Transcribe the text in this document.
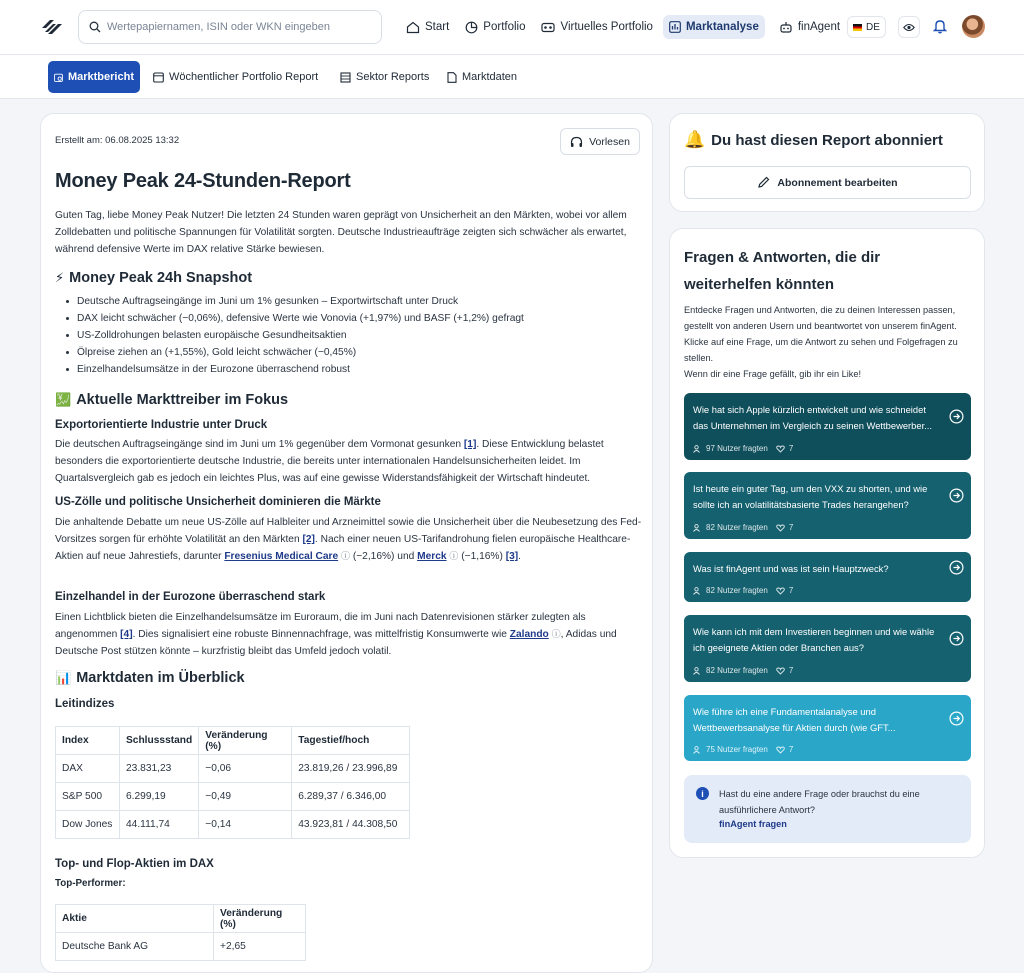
Wertepapiernamen, ISIN oder WKN eingeben
Start	Portfolio	Virtuelles Portfolio	Marktanalyse	finAgent	DE
Marktbericht	Wöchentlicher Portfolio Report	Sektor Reports	Marktdaten
Erstellt am: 06.08.2025 13:32	Vorlesen
Money Peak 24-Stunden-Report
Guten Tag, liebe Money Peak Nutzer! Die letzten 24 Stunden waren geprägt von Unsicherheit an den Märkten, wobei vor allem Zolldebatten und politische Spannungen für Volatilität sorgten. Deutsche Industrieaufträge zeigten sich schwächer als erwartet, während defensive Werte im DAX relative Stärke bewiesen.
⚡ Money Peak 24h Snapshot
Deutsche Auftragseingänge im Juni um 1% gesunken – Exportwirtschaft unter Druck
DAX leicht schwächer (−0,06%), defensive Werte wie Vonovia (+1,97%) und BASF (+1,2%) gefragt
US-Zolldrohungen belasten europäische Gesundheitsaktien
Ölpreise ziehen an (+1,55%), Gold leicht schwächer (−0,45%)
Einzelhandelsumsätze in der Eurozone überraschend robust
💹 Aktuelle Markttreiber im Fokus
Exportorientierte Industrie unter Druck
Die deutschen Auftragseingänge sind im Juni um 1% gegenüber dem Vormonat gesunken [1]. Diese Entwicklung belastet besonders die exportorientierte deutsche Industrie, die bereits unter internationalen Handelsunsicherheiten leidet. Im Quartalsvergleich gab es jedoch ein leichtes Plus, was auf eine gewisse Widerstandsfähigkeit der Wirtschaft hindeutet.
US-Zölle und politische Unsicherheit dominieren die Märkte
Die anhaltende Debatte um neue US-Zölle auf Halbleiter und Arzneimittel sowie die Unsicherheit über die Neubesetzung des Fed-Vorsitzes sorgen für erhöhte Volatilität an den Märkten [2]. Nach einer neuen US-Tarifandrohung fielen europäische Healthcare-Aktien auf neue Jahrestiefs, darunter Fresenius Medical Care ⓘ (−2,16%) und Merck ⓘ (−1,16%) [3].
Einzelhandel in der Eurozone überraschend stark
Einen Lichtblick bieten die Einzelhandelsumsätze im Euroraum, die im Juni nach Datenrevisionen stärker zulegten als angenommen [4]. Dies signalisiert eine robuste Binnennachfrage, was mittelfristig Konsumwerte wie Zalando ⓘ, Adidas und Deutsche Post stützen könnte – kurzfristig bleibt das Umfeld jedoch volatil.
📊 Marktdaten im Überblick
Leitindizes
Index	Schlussstand	Veränderung (%)	Tagestief/hoch
DAX	23.831,23	−0,06	23.819,26 / 23.996,89
S&P 500	6.299,19	−0,49	6.289,37 / 6.346,00
Dow Jones	44.111,74	−0,14	43.923,81 / 44.308,50
Top- und Flop-Aktien im DAX
Top-Performer:
Aktie	Veränderung (%)
Deutsche Bank AG	+2,65
🔔 Du hast diesen Report abonniert
Abonnement bearbeiten
Fragen & Antworten, die dir weiterhelfen könnten
Entdecke Fragen und Antworten, die zu deinen Interessen passen, gestellt von anderen Usern und beantwortet von unserem finAgent. Klicke auf eine Frage, um die Antwort zu sehen und Folgefragen zu stellen.
Wenn dir eine Frage gefällt, gib ihr ein Like!
Wie hat sich Apple kürzlich entwickelt und wie schneidet das Unternehmen im Vergleich zu seinen Wettbewerber...
97 Nutzer fragten	7
Ist heute ein guter Tag, um den VXX zu shorten, und wie sollte ich an volatilitätsbasierte Trades herangehen?
82 Nutzer fragten	7
Was ist finAgent und was ist sein Hauptzweck?
82 Nutzer fragten	7
Wie kann ich mit dem Investieren beginnen und wie wähle ich geeignete Aktien oder Branchen aus?
82 Nutzer fragten	7
Wie führe ich eine Fundamentalanalyse und Wettbewerbsanalyse für Aktien durch (wie GFT...
75 Nutzer fragten	7
i	Hast du eine andere Frage oder brauchst du eine ausführlichere Antwort?
finAgent fragen
